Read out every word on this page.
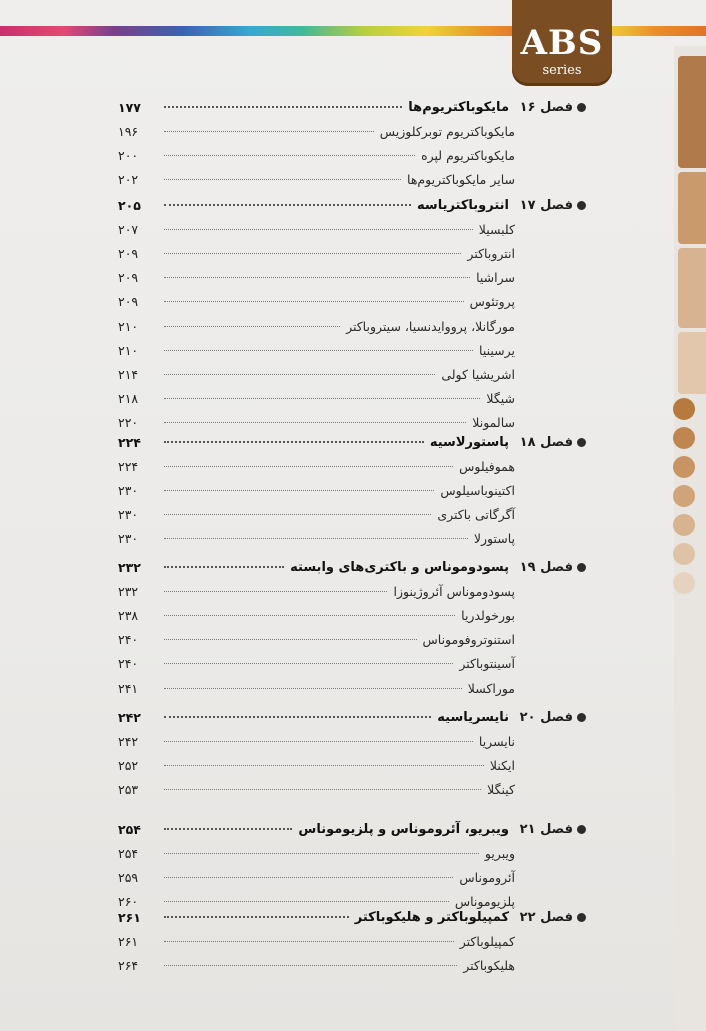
ABS
series
فصل ۱۶
مایکوباکتریوم‌ها
۱۷۷
مایکوباکتریوم توبرکلوزیس
۱۹۶
مایکوباکتریوم لپره
۲۰۰
سایر مایکوباکتریوم‌ها
۲۰۲
فصل ۱۷
انتروباکتریاسه
۲۰۵
کلبسیلا
۲۰۷
انتروباکتر
۲۰۹
سراشیا
۲۰۹
پروتئوس
۲۰۹
مورگانلا، پرووایدنسیا، سیتروباکتر
۲۱۰
یرسینیا
۲۱۰
اشریشیا کولی
۲۱۴
شیگلا
۲۱۸
سالمونلا
۲۲۰
فصل ۱۸
پاستورلاسیه
۲۲۴
هموفیلوس
۲۲۴
اکتینوباسیلوس
۲۳۰
آگرگاتی باکتری
۲۳۰
پاستورلا
۲۳۰
فصل ۱۹
پسودوموناس و باکتری‌های وابسته
۲۳۲
پسودوموناس آئروژینوزا
۲۳۲
بورخولدریا
۲۳۸
استنوتروفوموناس
۲۴۰
آسینتوباکتر
۲۴۰
موراکسلا
۲۴۱
فصل ۲۰
نایسریاسیه
۲۴۲
نایسریا
۲۴۲
ایکنلا
۲۵۲
کینگلا
۲۵۳
فصل ۲۱
ویبریو، آئروموناس و پلزیوموناس
۲۵۴
ویبریو
۲۵۴
آئروموناس
۲۵۹
پلزیوموناس
۲۶۰
فصل ۲۲
کمپیلوباکتر و هلیکوباکتر
۲۶۱
کمپیلوباکتر
۲۶۱
هلیکوباکتر
۲۶۴
